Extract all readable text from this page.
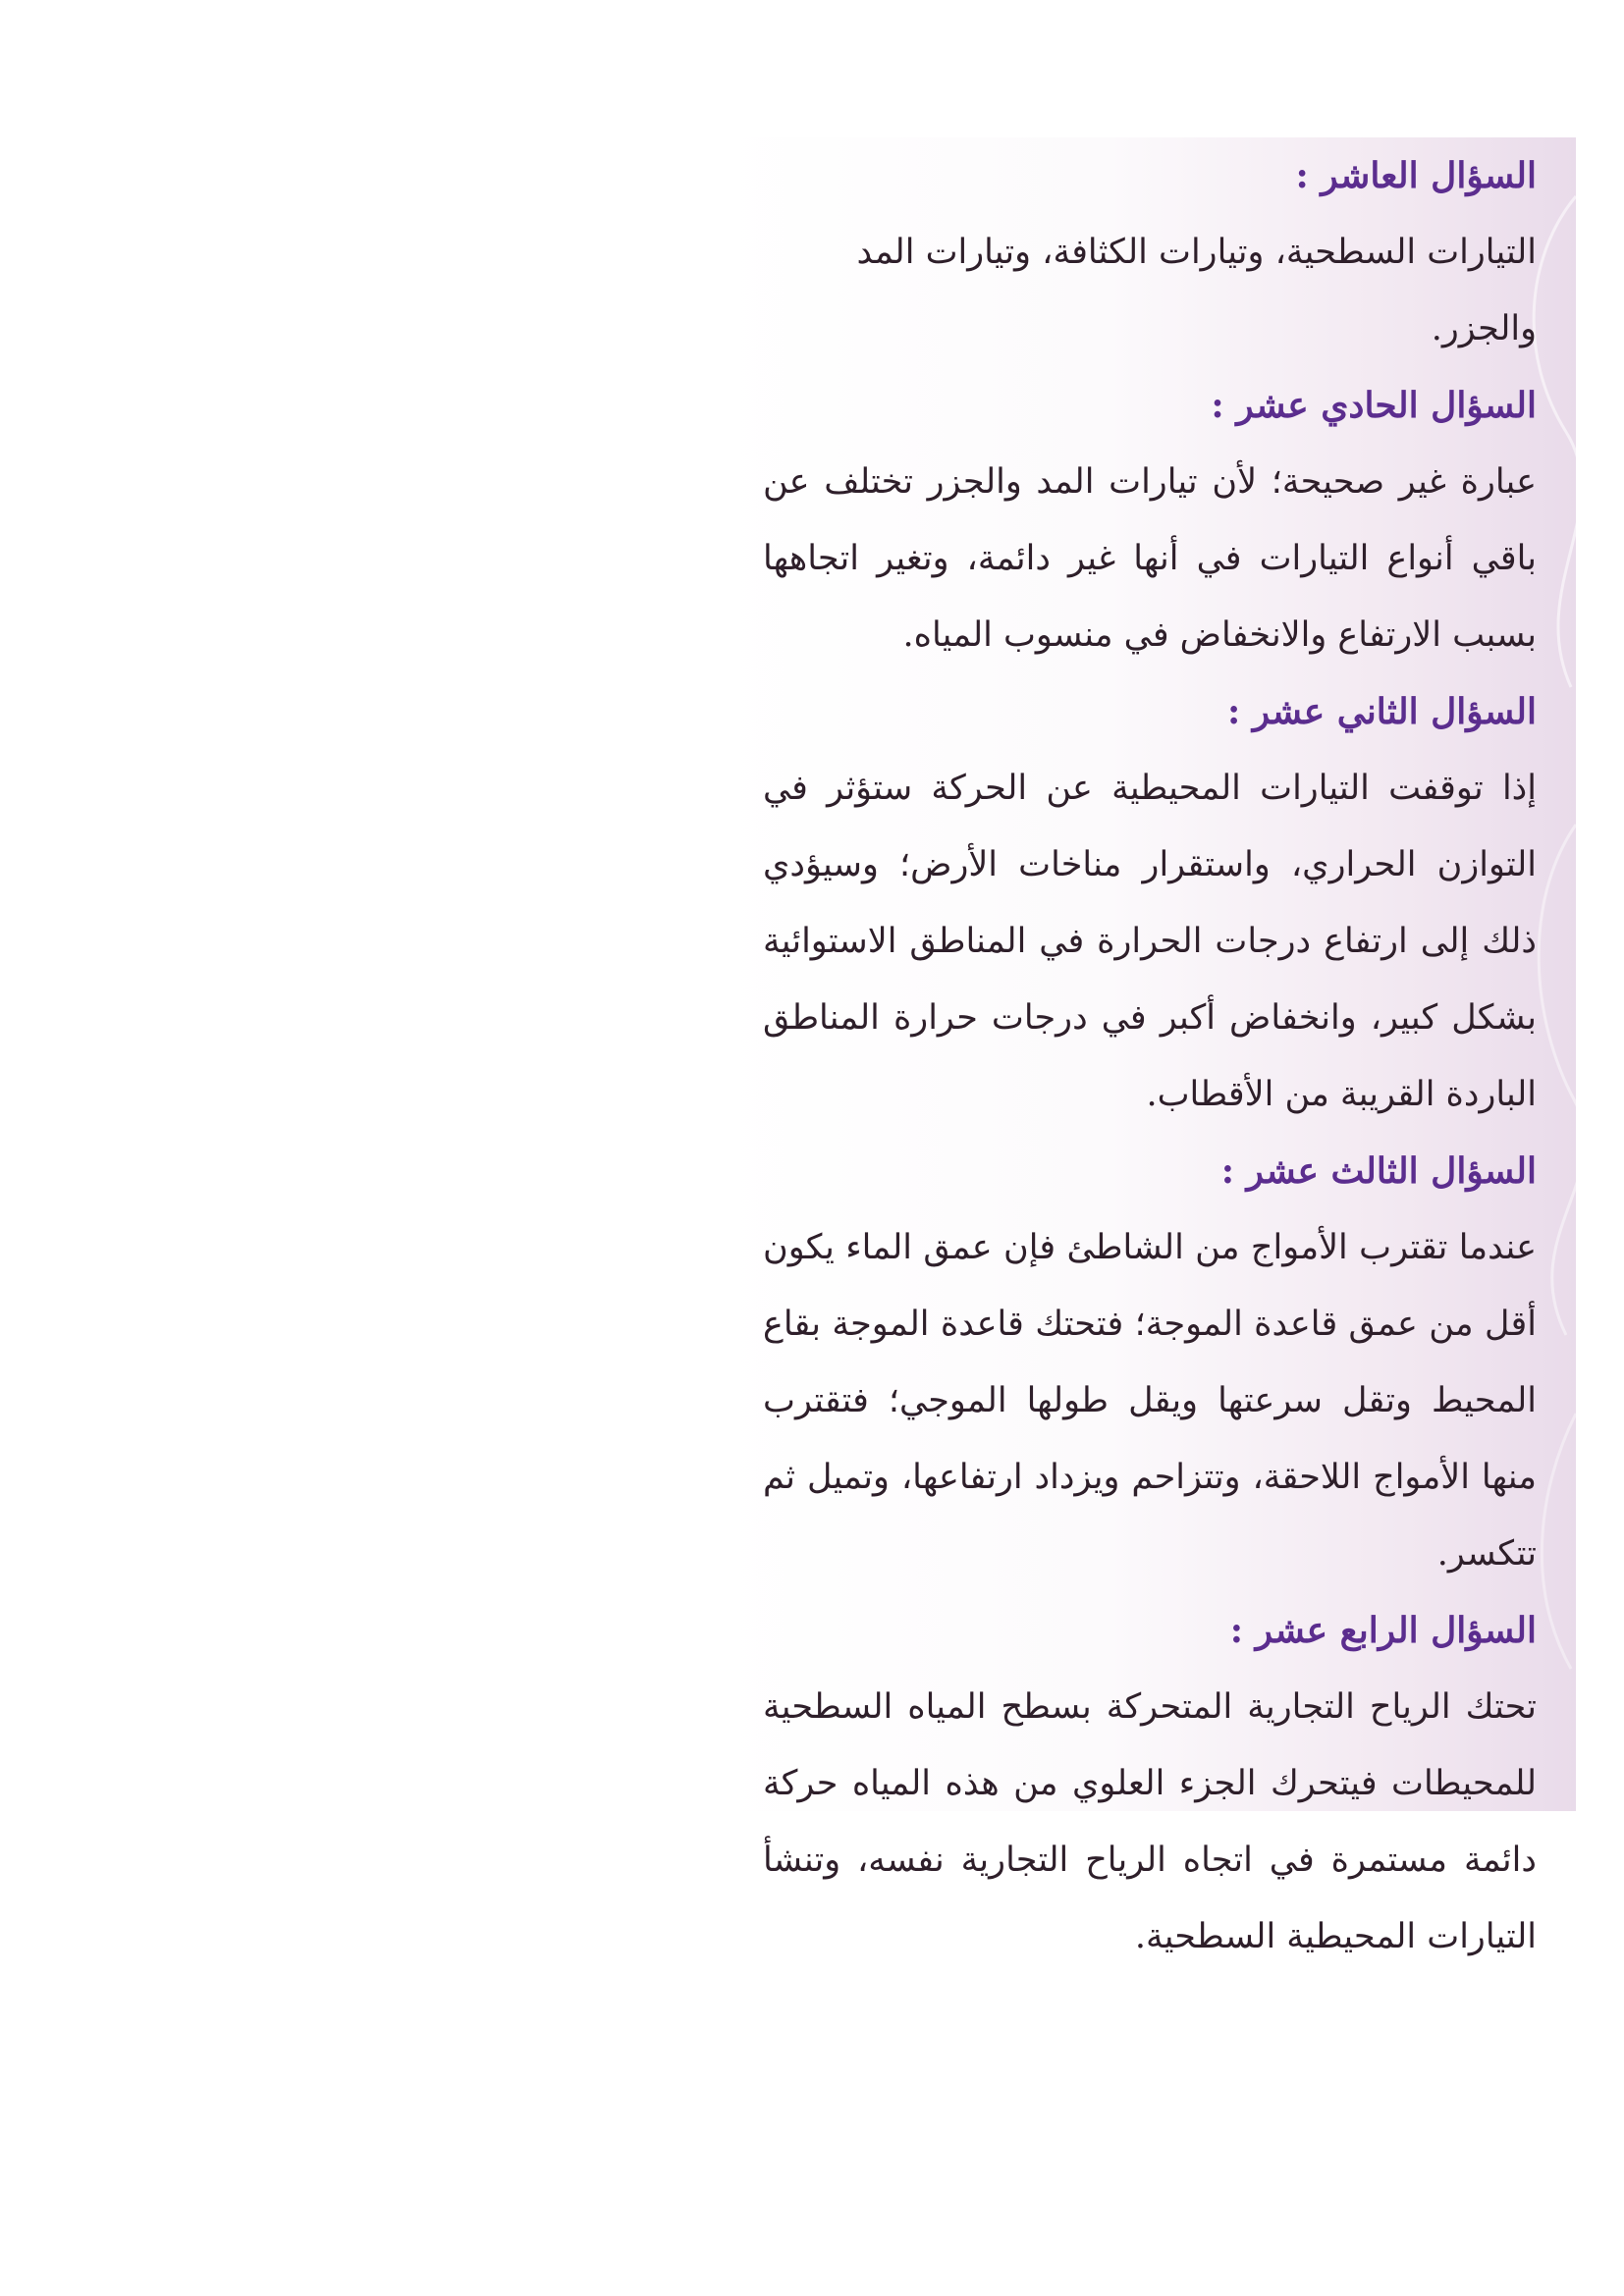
السؤال العاشر :

التيارات السطحية، وتيارات الكثافة، وتيارات المد والجزر.

السؤال الحادي عشر :

عبارة غير صحيحة؛ لأن تيارات المد والجزر تختلف عن باقي أنواع التيارات في أنها غير دائمة، وتغير اتجاهها بسبب الارتفاع والانخفاض في منسوب المياه.

السؤال الثاني عشر :

إذا توقفت التيارات المحيطية عن الحركة ستؤثر في التوازن الحراري، واستقرار مناخات الأرض؛ وسيؤدي ذلك إلى ارتفاع درجات الحرارة في المناطق الاستوائية بشكل كبير، وانخفاض أكبر في درجات حرارة المناطق الباردة القريبة من الأقطاب.

السؤال الثالث عشر :

عندما تقترب الأمواج من الشاطئ فإن عمق الماء يكون أقل من عمق قاعدة الموجة؛ فتحتك قاعدة الموجة بقاع المحيط وتقل سرعتها ويقل طولها الموجي؛ فتقترب منها الأمواج اللاحقة، وتتزاحم ويزداد ارتفاعها، وتميل ثم تتكسر.

السؤال الرابع عشر :

تحتك الرياح التجارية المتحركة بسطح المياه السطحية للمحيطات فيتحرك الجزء العلوي من هذه المياه حركة دائمة مستمرة في اتجاه الرياح التجارية نفسه، وتنشأ التيارات المحيطية السطحية.
